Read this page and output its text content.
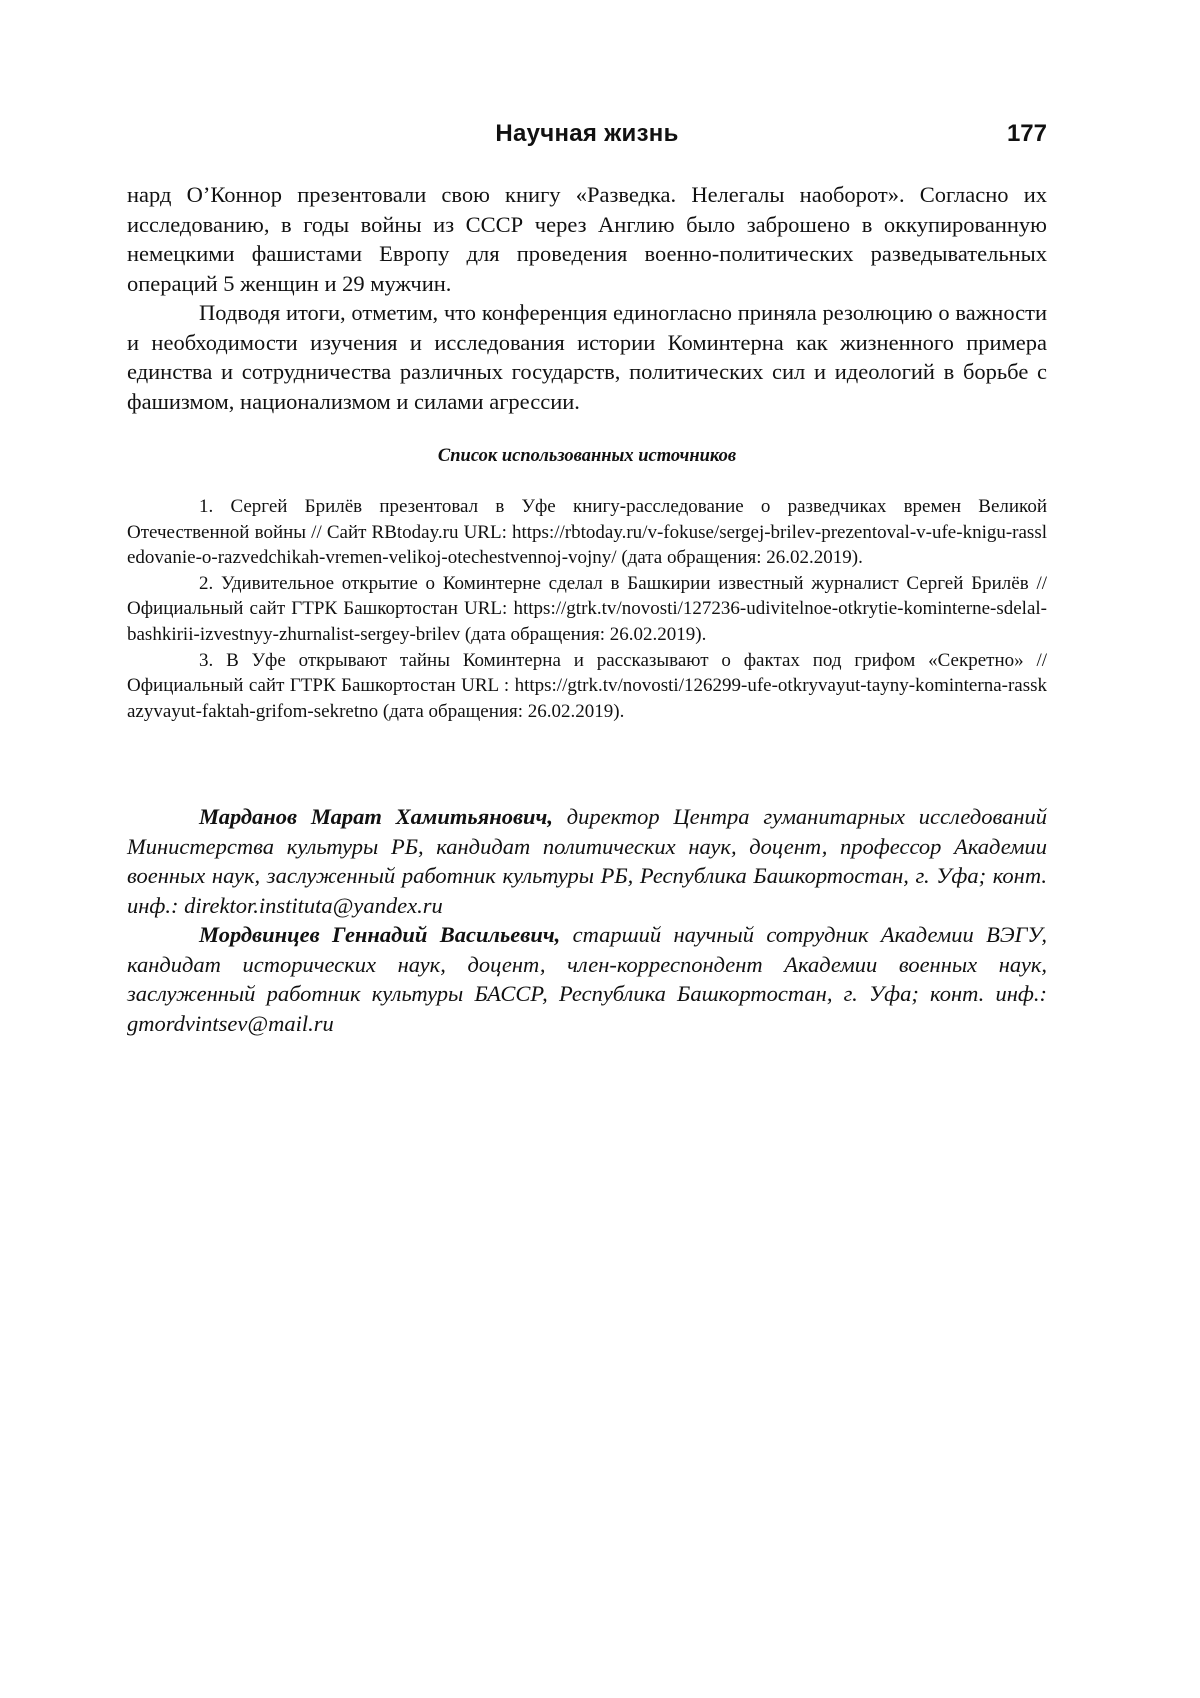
Научная жизнь	177

нард О’Коннор презентовали свою книгу «Разведка. Нелегалы наоборот». Согласно их исследованию, в годы войны из СССР через Англию было заброшено в оккупированную немецкими фашистами Европу для проведения военно-политических разведывательных операций 5 женщин и 29 мужчин.

Подводя итоги, отметим, что конференция единогласно приняла резолюцию о важности и необходимости изучения и исследования истории Коминтерна как жизненного примера единства и сотрудничества различных государств, политических сил и идеологий в борьбе с фашизмом, национализмом и силами агрессии.

Список использованных источников

1. Сергей Брилёв презентовал в Уфе книгу-расследование о разведчиках времен Великой Отечественной войны // Сайт RBtoday.ru URL: https://rbtoday.ru/v-fokuse/sergej-brilev-prezentoval-v-ufe-knigu-rassledovanie-o-razvedchikah-vremen-velikoj-otechestvennoj-vojny/ (дата обращения: 26.02.2019).

2. Удивительное открытие о Коминтерне сделал в Башкирии известный журналист Сергей Брилёв // Официальный сайт ГТРК Башкортостан URL: https://gtrk.tv/novosti/127236-udivitelnoe-otkrytie-kominterne-sdelal-bashkirii-izvestnyy-zhurnalist-sergey-brilev (дата обращения: 26.02.2019).

3. В Уфе открывают тайны Коминтерна и рассказывают о фактах под грифом «Секретно» // Официальный сайт ГТРК Башкортостан URL : https://gtrk.tv/novosti/126299-ufe-otkryvayut-tayny-kominterna-rasskazyvayut-faktah-grifom-sekretno (дата обращения: 26.02.2019).

Марданов Марат Хамитьянович, директор Центра гуманитарных исследований Министерства культуры РБ, кандидат политических наук, доцент, профессор Академии военных наук, заслуженный работник культуры РБ, Республика Башкортостан, г. Уфа; конт. инф.: direktor.instituta@yandex.ru

Мордвинцев Геннадий Васильевич, старший научный сотрудник Академии ВЭГУ, кандидат исторических наук, доцент, член-корреспондент Академии военных наук, заслуженный работник культуры БАССР, Республика Башкортостан, г. Уфа; конт. инф.: gmordvintsev@mail.ru
